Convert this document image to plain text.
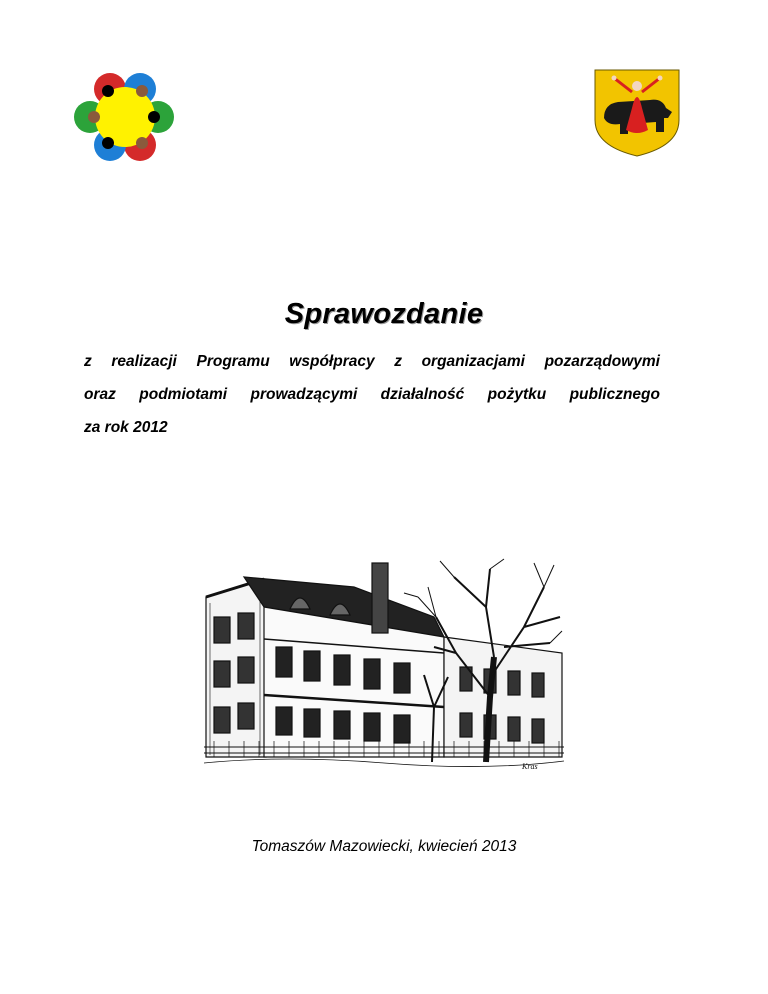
Sprawozdanie
z realizacji Programu współpracy z organizacjami pozarządowymi
oraz podmiotami prowadzącymi działalność pożytku publicznego
za rok 2012
Kras
Tomaszów Mazowiecki, kwiecień 2013
